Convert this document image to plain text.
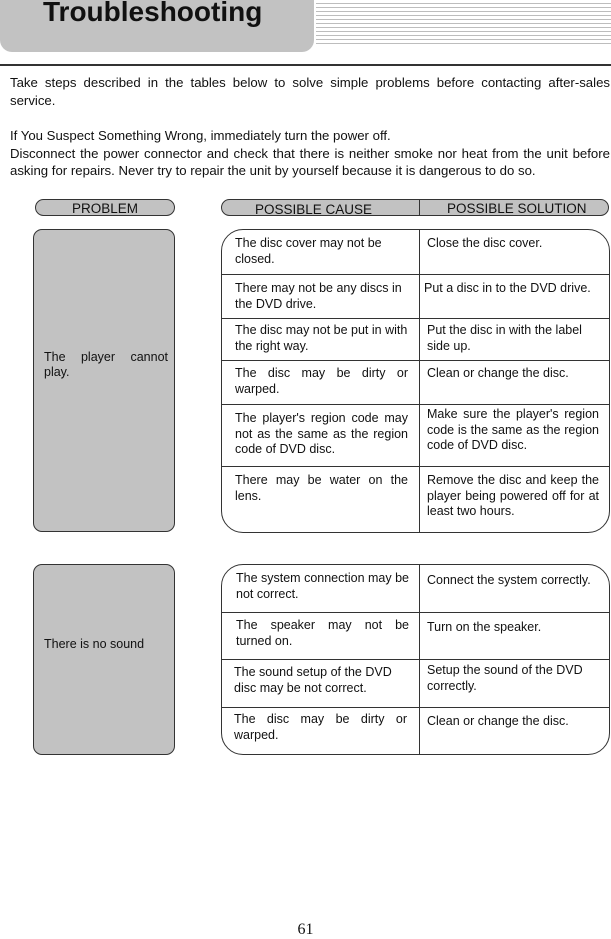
Troubleshooting
Take steps described in the tables below to solve simple problems before contacting after-sales service.
If You Suspect Something Wrong, immediately turn the power off.
Disconnect the power connector and check that there is neither smoke nor heat from the unit before asking for repairs. Never try to repair the unit by yourself because it is dangerous to do so.
PROBLEM	POSSIBLE CAUSE	POSSIBLE SOLUTION
The player cannot play.
The disc cover may not be closed.
Close the disc cover.
There may not be any discs in the DVD drive.
Put a disc in to the DVD drive.
The disc may not be put in with the right way.
Put the disc in with the label side up.
The disc may be dirty or warped.
Clean or change the disc.
The player's region code may not as the same as the region code of DVD disc.
Make sure the player's region code is the same as the region code of DVD disc.
There may be water on the lens.
Remove the disc and keep the player being powered off for at least two hours.
There is no sound
The system connection may be not correct.
Connect the system correctly.
The speaker may not be turned on.
Turn on the speaker.
The sound setup of the DVD disc may be not correct.
Setup the sound of the DVD correctly.
The disc may be dirty or warped.
Clean or change the disc.
61
